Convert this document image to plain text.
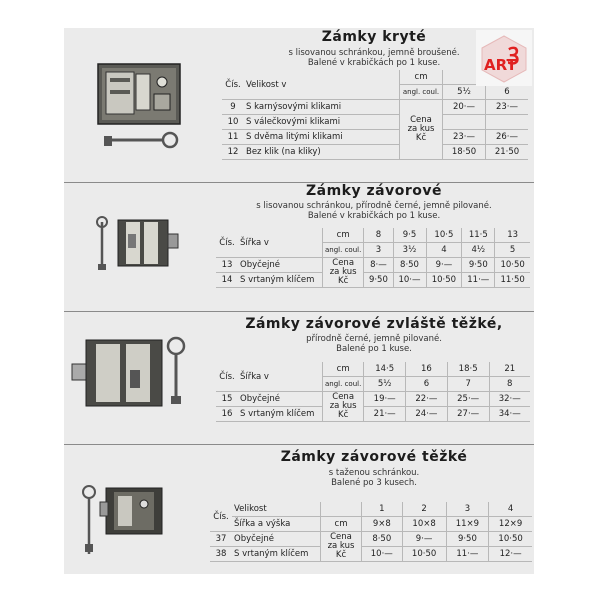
Zámky kryté
s lisovanou schránkou, jemně broušené.
Balené v krabičkách po 1 kuse.
Čís.	Velikost v	cm		
		angl. coul.	5½	6
9	S karnýsovými klikami	Cena
za kus
Kč	20·—	23·—
10	S válečkovými klikami			
11	S dvěma litými klikami		23·—	26·—
12	Bez klik (na kliky)		18·50	21·50
Zámky závorové
s lisovanou schránkou, přírodně černé, jemně pilované.
Balené v krabičkách po 1 kuse.
Čís.	Šířka v	cm	8	9·5	10·5	11·5	13
		angl. coul.	3	3½	4	4½	5
13	Obyčejné	Cena
za kus
Kč	8·—	8·50	9·—	9·50	10·50
14	S vrtaným klíčem		9·50	10·—	10·50	11·—	11·50
Zámky závorové zvláště těžké,
přírodně černé, jemně pilované.
Balené po 1 kuse.
Čís.	Šířka v	cm	14·5	16	18·5	21
		angl. coul.	5½	6	7	8
15	Obyčejné	Cena
za kus
Kč	19·—	22·—	25·—	32·—
16	S vrtaným klíčem		21·—	24·—	27·—	34·—
Zámky závorové těžké
s taženou schránkou.
Balené po 3 kusech.
Čís.	Velikost		1	2	3	4
	Šířka a výška	cm	9×8	10×8	11×9	12×9
37	Obyčejné	Cena
za kus
Kč	8·50	9·—	9·50	10·50
38	S vrtaným klíčem		10·—	10·50	11·—	12·—
ART
ꝫ
